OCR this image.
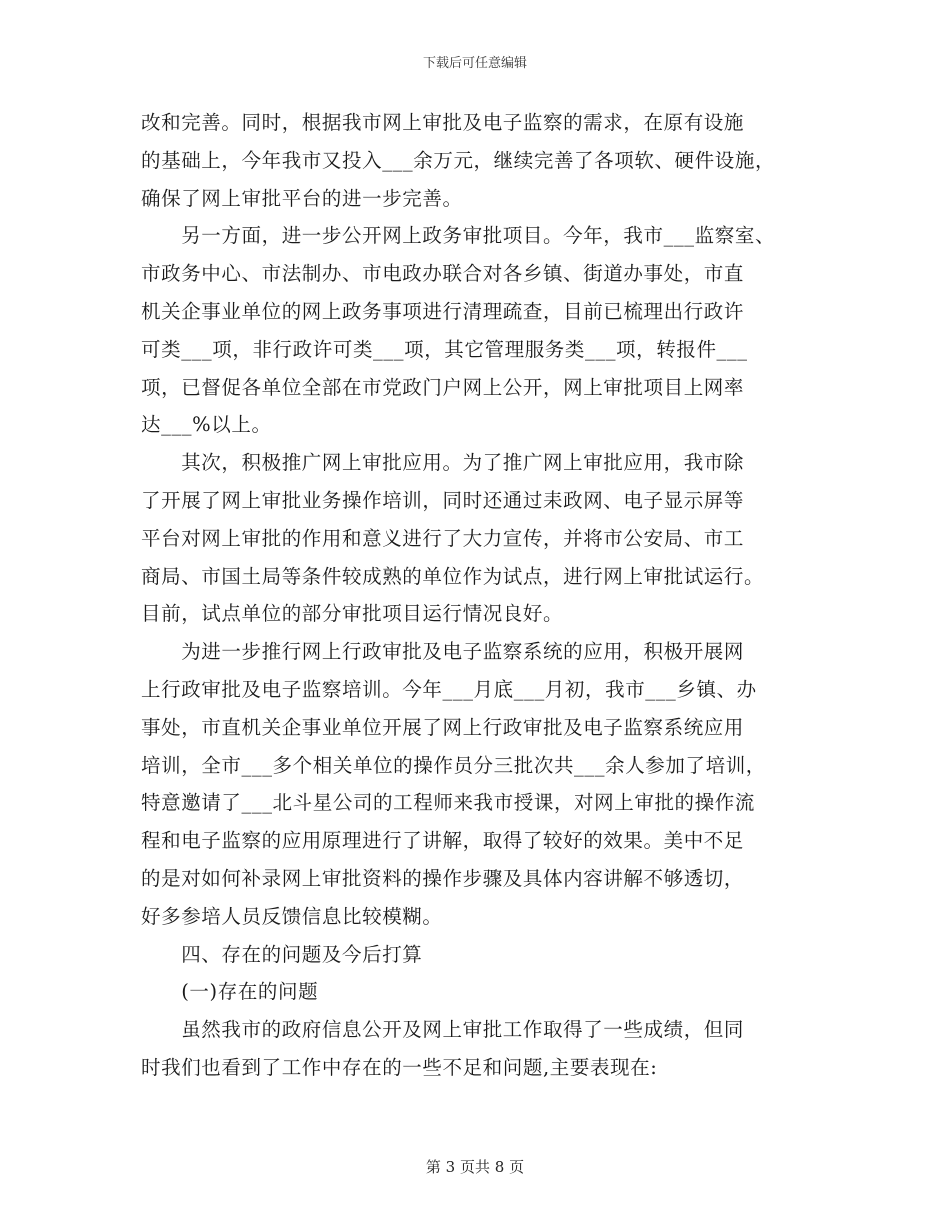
下载后可任意编辑
改和完善。同时，根据我市网上审批及电子监察的需求，在原有设施
的基础上，今年我市又投入___余万元，继续完善了各项软、硬件设施，
确保了网上审批平台的进一步完善。
　　另一方面，进一步公开网上政务审批项目。今年，我市___监察室、
市政务中心、市法制办、市电政办联合对各乡镇、街道办事处，市直
机关企事业单位的网上政务事项进行清理疏查，目前已梳理出行政许
可类___项，非行政许可类___项，其它管理服务类___项，转报件___
项，已督促各单位全部在市党政门户网上公开，网上审批项目上网率
达___%以上。
　　其次，积极推广网上审批应用。为了推广网上审批应用，我市除
了开展了网上审批业务操作培训，同时还通过耒政网、电子显示屏等
平台对网上审批的作用和意义进行了大力宣传，并将市公安局、市工
商局、市国土局等条件较成熟的单位作为试点，进行网上审批试运行。
目前，试点单位的部分审批项目运行情况良好。
　　为进一步推行网上行政审批及电子监察系统的应用，积极开展网
上行政审批及电子监察培训。今年___月底___月初，我市___乡镇、办
事处，市直机关企事业单位开展了网上行政审批及电子监察系统应用
培训，全市___多个相关单位的操作员分三批次共___余人参加了培训，
特意邀请了___北斗星公司的工程师来我市授课，对网上审批的操作流
程和电子监察的应用原理进行了讲解，取得了较好的效果。美中不足
的是对如何补录网上审批资料的操作步骤及具体内容讲解不够透切，
好多参培人员反馈信息比较模糊。
　　四、存在的问题及今后打算
　　(一)存在的问题
　　虽然我市的政府信息公开及网上审批工作取得了一些成绩，但同
时我们也看到了工作中存在的一些不足和问题,主要表现在:
第 3 页共 8 页
